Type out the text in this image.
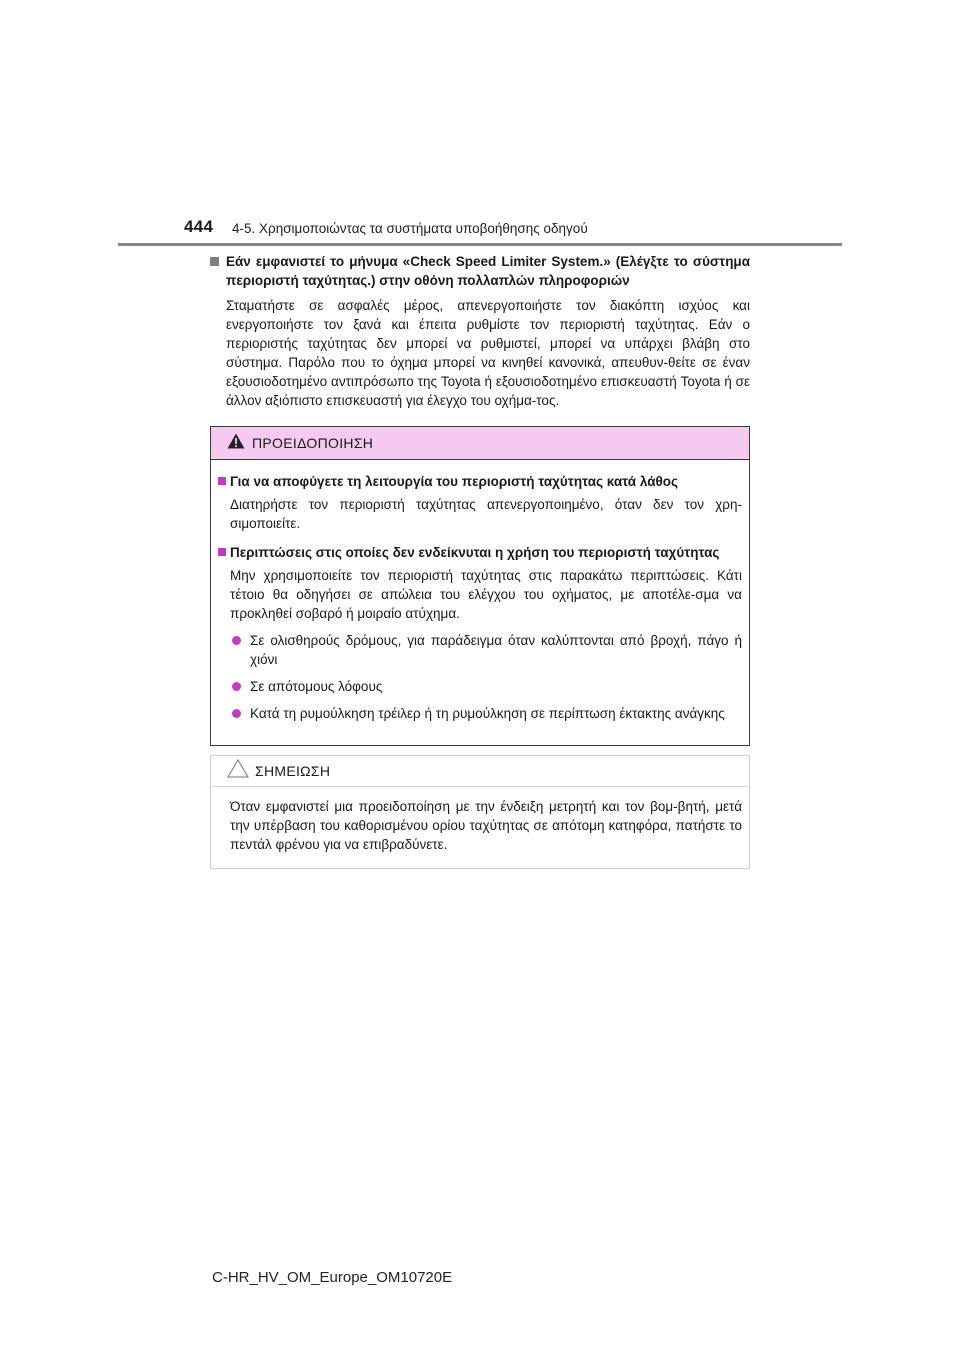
444 4-5. Χρησιμοποιώντας τα συστήματα υποβοήθησης οδηγού
Εάν εμφανιστεί το μήνυμα «Check Speed Limiter System.» (Ελέγξτε το σύστημα περιοριστή ταχύτητας.) στην οθόνη πολλαπλών πληροφοριών
Σταματήστε σε ασφαλές μέρος, απενεργοποιήστε τον διακόπτη ισχύος και ενεργοποιήστε τον ξανά και έπειτα ρυθμίστε τον περιοριστή ταχύτητας. Εάν ο περιοριστής ταχύτητας δεν μπορεί να ρυθμιστεί, μπορεί να υπάρχει βλάβη στο σύστημα. Παρόλο που το όχημα μπορεί να κινηθεί κανονικά, απευθυν-θείτε σε έναν εξουσιοδοτημένο αντιπρόσωπο της Toyota ή εξουσιοδοτημένο επισκευαστή Toyota ή σε άλλον αξιόπιστο επισκευαστή για έλεγχο του οχήμα-τος.
ΠΡΟΕΙΔΟΠΟΙΗΣΗ
Για να αποφύγετε τη λειτουργία του περιοριστή ταχύτητας κατά λάθος
Διατηρήστε τον περιοριστή ταχύτητας απενεργοποιημένο, όταν δεν τον χρη-σιμοποιείτε.
Περιπτώσεις στις οποίες δεν ενδείκνυται η χρήση του περιοριστή ταχύτητας
Μην χρησιμοποιείτε τον περιοριστή ταχύτητας στις παρακάτω περιπτώσεις. Κάτι τέτοιο θα οδηγήσει σε απώλεια του ελέγχου του οχήματος, με αποτέλε-σμα να προκληθεί σοβαρό ή μοιραίο ατύχημα.
Σε ολισθηρούς δρόμους, για παράδειγμα όταν καλύπτονται από βροχή, πάγο ή χιόνι
Σε απότομους λόφους
Κατά τη ρυμούλκηση τρέιλερ ή τη ρυμούλκηση σε περίπτωση έκτακτης ανάγκης
ΣΗΜΕΙΩΣΗ
Όταν εμφανιστεί μια προειδοποίηση με την ένδειξη μετρητή και τον βομ-βητή, μετά την υπέρβαση του καθορισμένου ορίου ταχύτητας σε απότομη κατηφόρα, πατήστε το πεντάλ φρένου για να επιβραδύνετε.
C-HR_HV_OM_Europe_OM10720E
